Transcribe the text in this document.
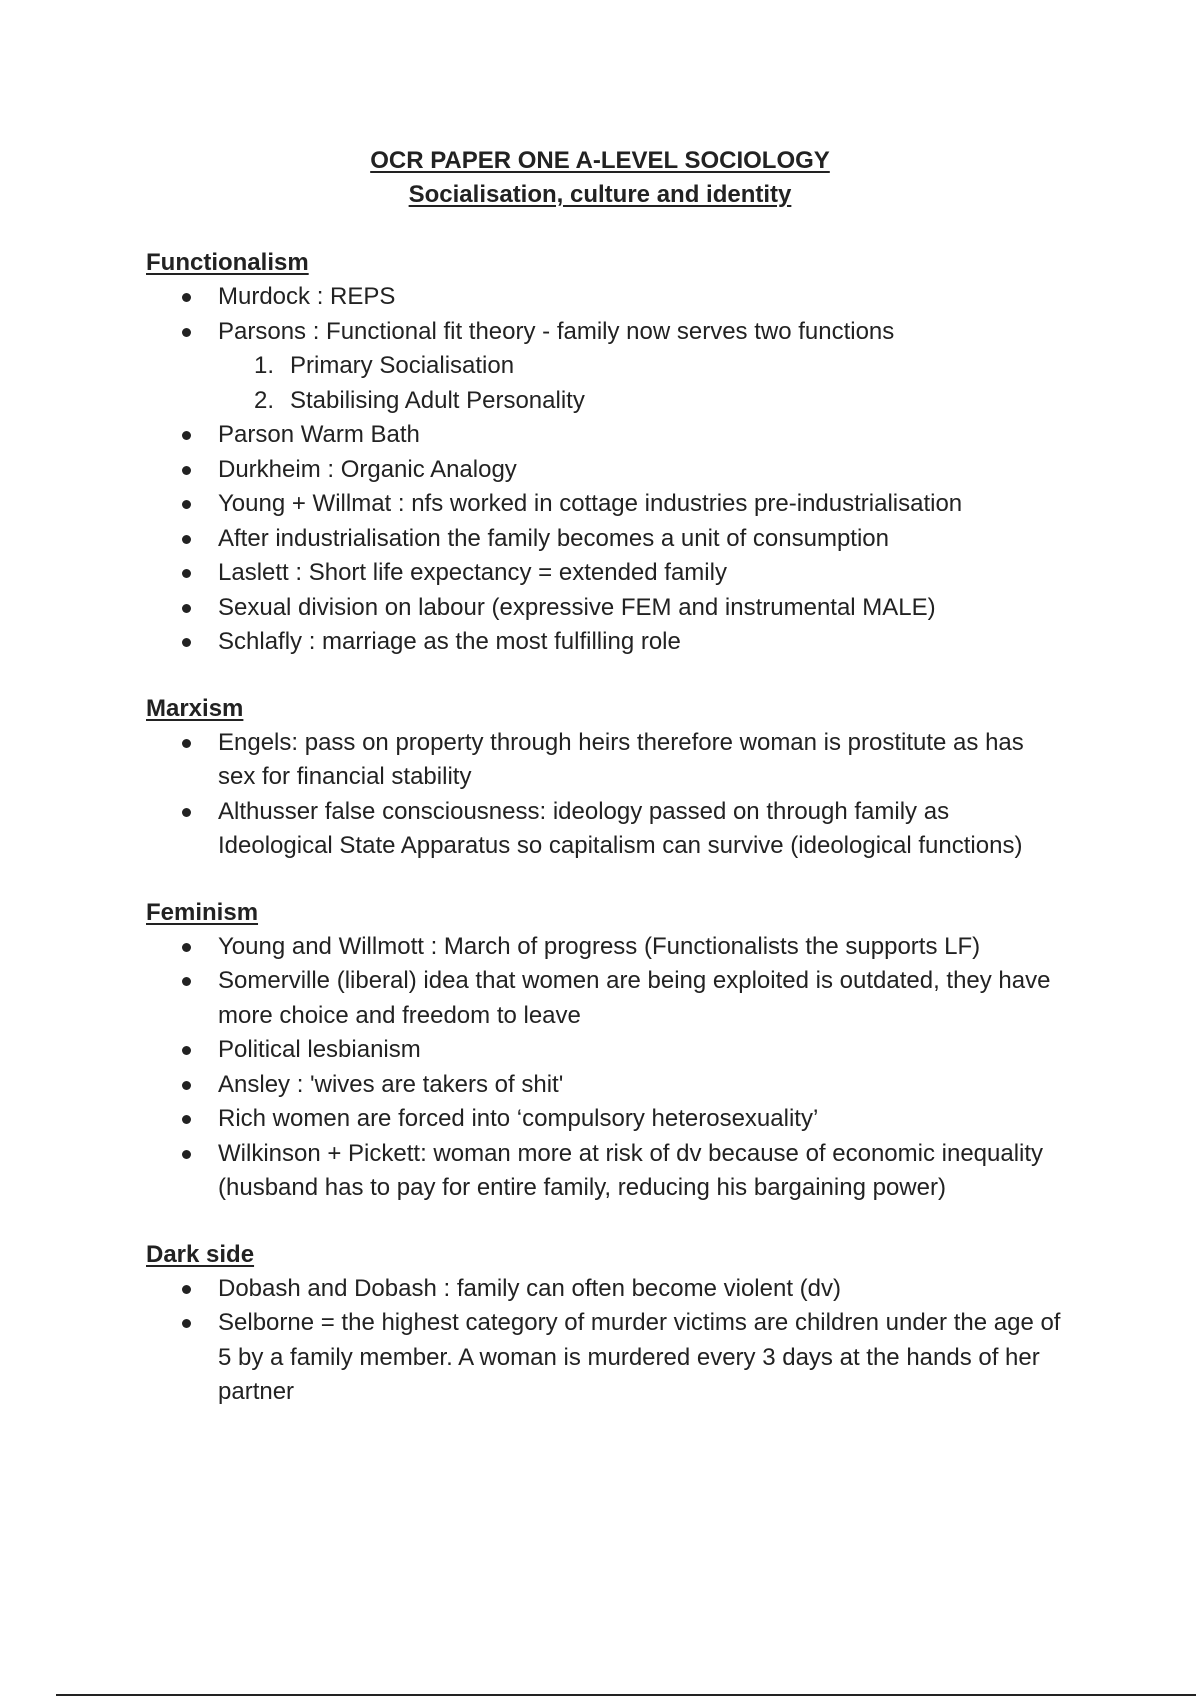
OCR PAPER ONE A-LEVEL SOCIOLOGY

Socialisation, culture and identity

Functionalism

Murdock : REPS
Parsons : Functional fit theory - family now serves two functions
1. Primary Socialisation
2. Stabilising Adult Personality
Parson Warm Bath
Durkheim : Organic Analogy
Young + Willmat : nfs worked in cottage industries pre-industrialisation
After industrialisation the family becomes a unit of consumption
Laslett : Short life expectancy = extended family
Sexual division on labour (expressive FEM and instrumental MALE)
Schlafly : marriage as the most fulfilling role

Marxism

Engels: pass on property through heirs therefore woman is prostitute as has sex for financial stability
Althusser false consciousness: ideology passed on through family as Ideological State Apparatus so capitalism can survive (ideological functions)

Feminism

Young and Willmott : March of progress (Functionalists the supports LF)
Somerville (liberal) idea that women are being exploited is outdated, they have more choice and freedom to leave
Political lesbianism
Ansley : 'wives are takers of shit'
Rich women are forced into ‘compulsory heterosexuality’
Wilkinson + Pickett: woman more at risk of dv because of economic inequality (husband has to pay for entire family, reducing his bargaining power)

Dark side

Dobash and Dobash : family can often become violent (dv)
Selborne = the highest category of murder victims are children under the age of 5 by a family member. A woman is murdered every 3 days at the hands of her partner
